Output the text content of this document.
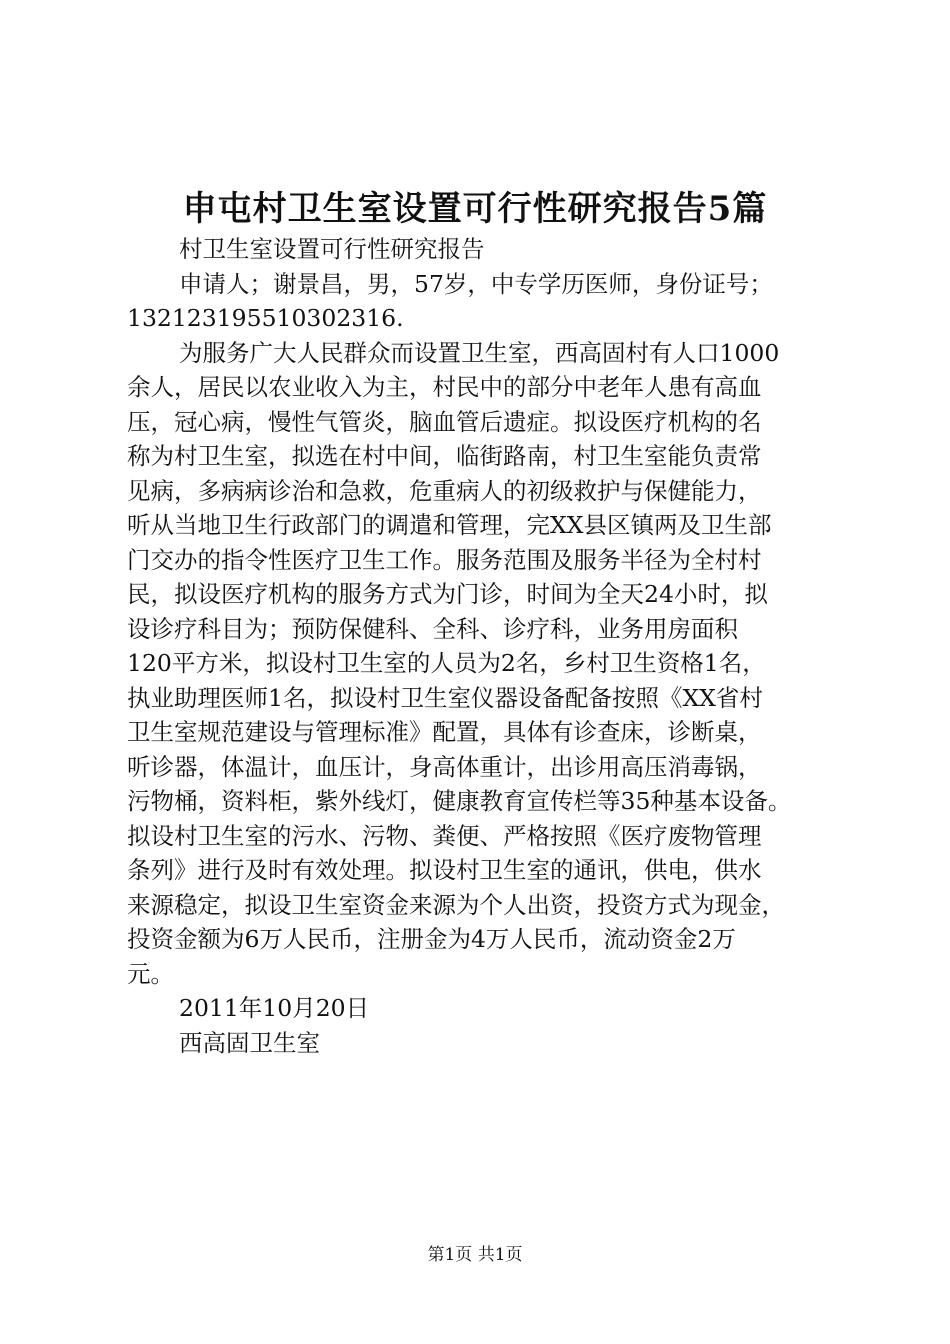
申屯村卫生室设置可行性研究报告5篇
村卫生室设置可行性研究报告
申请人；谢景昌，男，57岁，中专学历医师，身份证号；
13212319551030231​6.
为服务广大人民群众而设置卫生室，西高固村有人口1000
余人，居民以农业收入为主，村民中的部分中老年人患有高血
压，冠心病，慢性气管炎，脑血管后遗症。拟设医疗机构的名
称为村卫生室，拟选在村中间，临街路南，村卫生室能负责常
见病，多病病诊治和急救，危重病人的初级救护与保健能力，
听从当地卫生行政部门的调遣和管理，完XX县区镇两及卫生部
门交办的指令性医疗卫生工作。服务范围及服务半径为全村村
民，拟设医疗机构的服务方式为门诊，时间为全天24小时，拟
设诊疗科目为；预防保健科、全科、诊疗科，业务用房面积
120平方米，拟设村卫生室的人员为2名，乡村卫生资格1名，
执业助理医师1名，拟设村卫生室仪器设备配备按照《XX省村
卫生室规范建设与管理标准》配置，具体有诊查床，诊断桌，
听诊器，体温计，血压计，身高体重计，出诊用高压消毒锅，
污物桶，资料柜，紫外线灯，健康教育宣传栏等35种基本设备。
拟设村卫生室的污水、污物、粪便、严格按照《医疗废物管理
条列》进行及时有效处理。拟设村卫生室的通讯，供电，供水
来源稳定，拟设卫生室资金来源为个人出资，投资方式为现金，
投资金额为6万人民币，注册金为4万人民币，流动资金2万
元。
2011年10月20日
西高固卫生室
第1页 共1页
